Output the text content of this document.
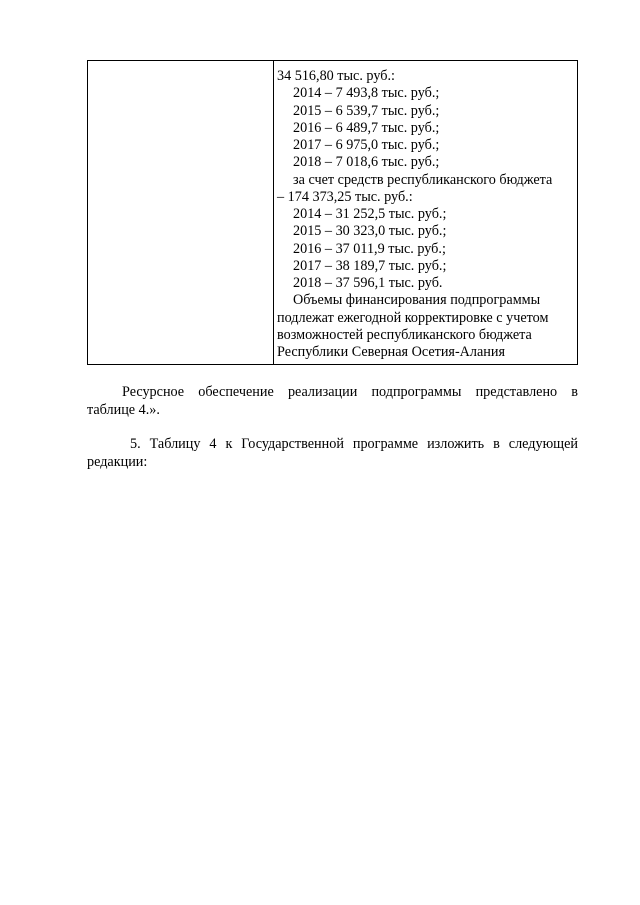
34 516,80 тыс. руб.:
2014 – 7 493,8 тыс. руб.;
2015 – 6 539,7 тыс. руб.;
2016 – 6 489,7 тыс. руб.;
2017 – 6 975,0 тыс. руб.;
2018 – 7 018,6 тыс. руб.;
за счет средств республиканского бюджета
– 174 373,25 тыс. руб.:
2014 – 31 252,5 тыс. руб.;
2015 – 30 323,0 тыс. руб.;
2016 – 37 011,9 тыс. руб.;
2017 – 38 189,7 тыс. руб.;
2018 – 37 596,1 тыс. руб.
Объемы финансирования подпрограммы
подлежат ежегодной корректировке с учетом
возможностей республиканского бюджета
Республики Северная Осетия-Алания
Ресурсное обеспечение реализации подпрограммы представлено в
таблице 4.».
5. Таблицу 4 к Государственной программе изложить в следующей
редакции:
